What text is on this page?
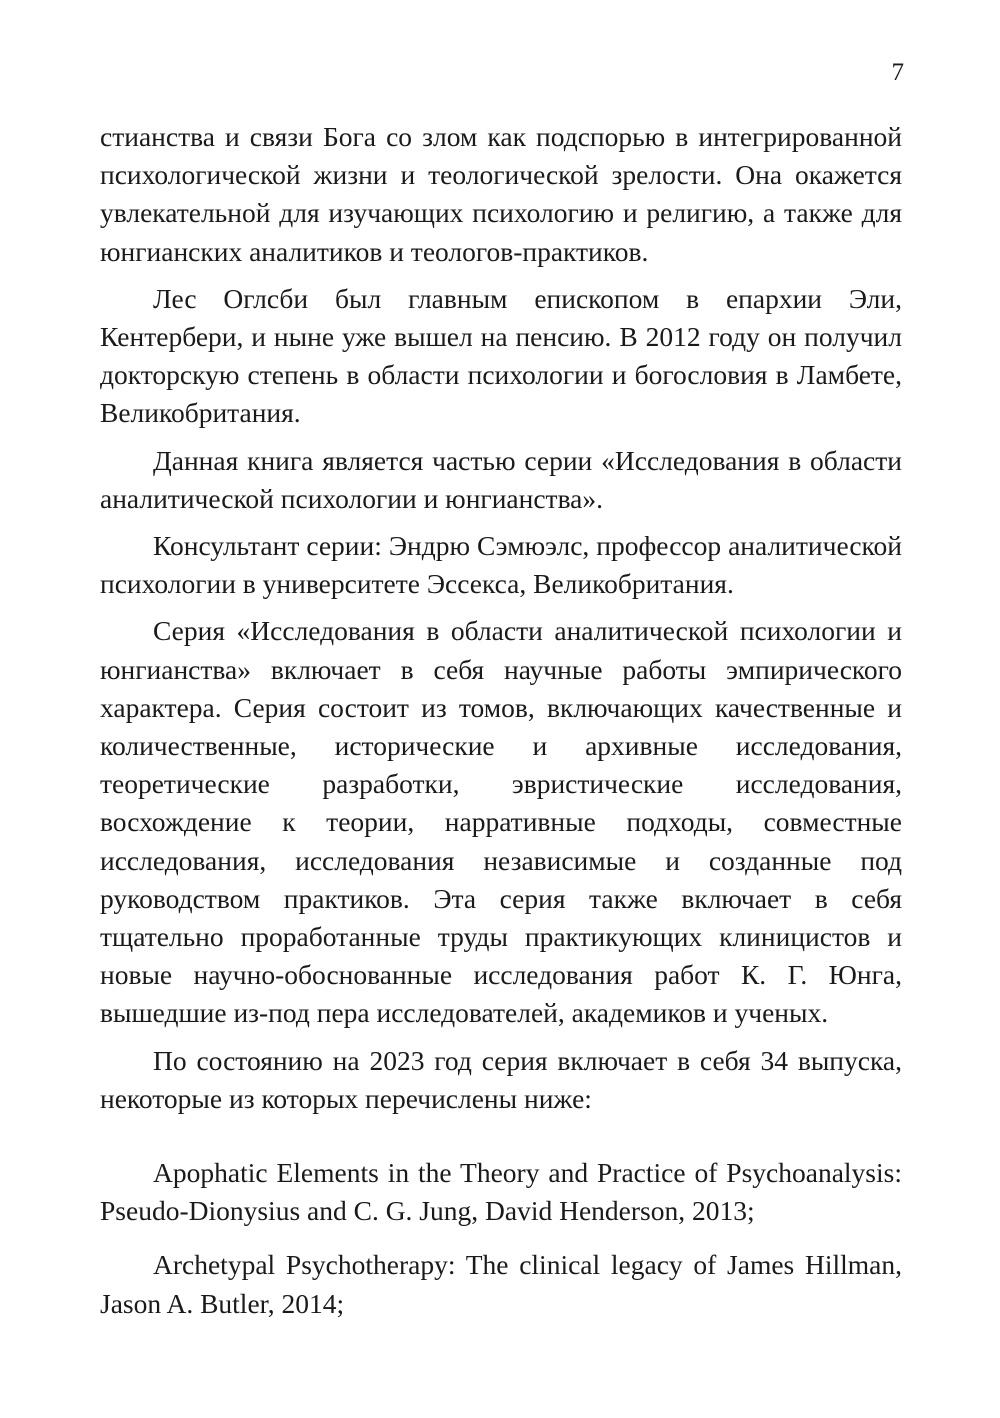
7

стианства и связи Бога со злом как подспорью в интегрированной психологической жизни и теологической зрелости. Она окажется увлекательной для изучающих психологию и религию, а также для юнгианских аналитиков и теологов-практиков.

Лес Оглсби был главным епископом в епархии Эли, Кентербери, и ныне уже вышел на пенсию. В 2012 году он получил докторскую степень в области психологии и богословия в Ламбете, Великобритания.

Данная книга является частью серии «Исследования в области аналитической психологии и юнгианства».

Консультант серии: Эндрю Сэмюэлс, профессор аналитической психологии в университете Эссекса, Великобритания.

Серия «Исследования в области аналитической психологии и юнгианства» включает в себя научные работы эмпирического характера. Серия состоит из томов, включающих качественные и количественные, исторические и архивные исследования, теоретические разработки, эвристические исследования, восхождение к теории, нарративные подходы, совместные исследования, исследования независимые и созданные под руководством практиков. Эта серия также включает в себя тщательно проработанные труды практикующих клиницистов и новые научно-обоснованные исследования работ К. Г. Юнга, вышедшие из-под пера исследователей, академиков и ученых.

По состоянию на 2023 год серия включает в себя 34 выпуска, некоторые из которых перечислены ниже:

Apophatic Elements in the Theory and Practice of Psychoanalysis: Pseudo-Dionysius and C. G. Jung, David Henderson, 2013;

Archetypal Psychotherapy: The clinical legacy of James Hillman, Jason A. Butler, 2014;
